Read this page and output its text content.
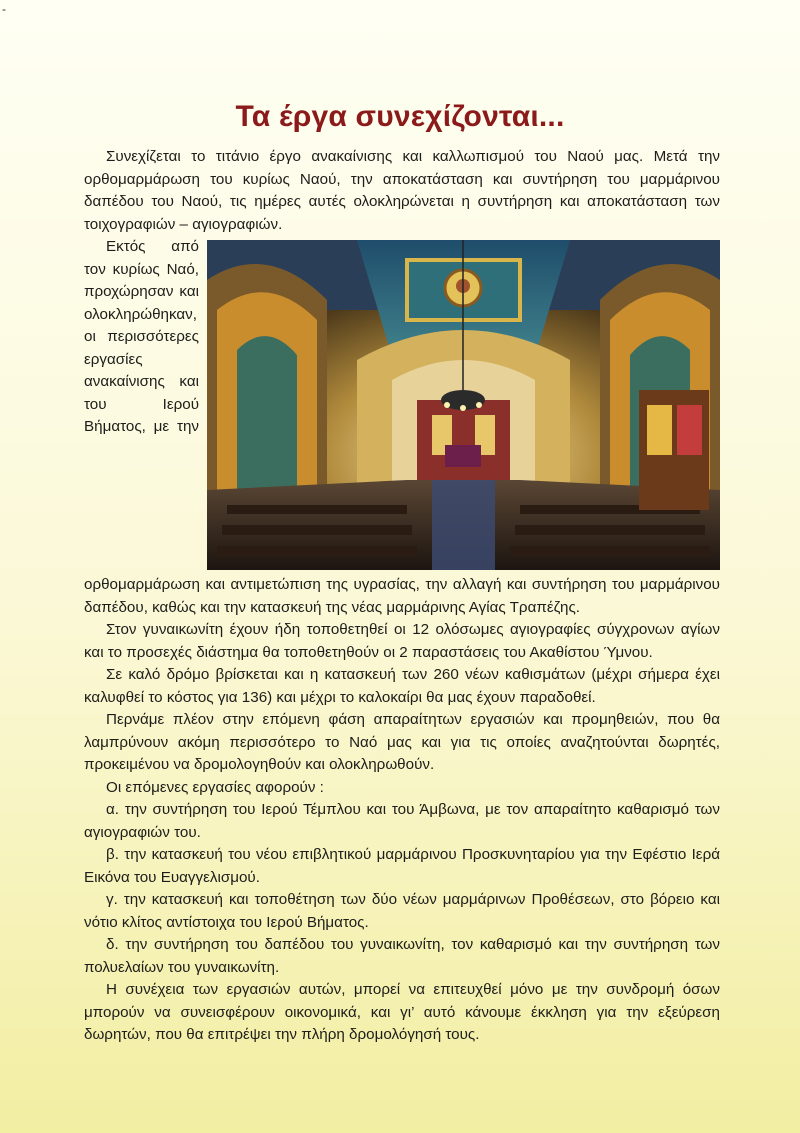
-
Τα έργα συνεχίζονται...

Συνεχίζεται το τιτάνιο έργο ανακαίνισης και καλλωπισμού του Ναού μας. Μετά την ορθομαρμάρωση του κυρίως Ναού, την αποκατάσταση και συντήρηση του μαρμάρινου δαπέδου του Ναού, τις ημέρες αυτές ολοκληρώνεται η συντήρηση και αποκατάσταση των τοιχογραφιών – αγιογραφιών.

Εκτός από τον κυρίως Ναό, προχώρησαν και ολοκληρώθηκαν, οι περισσότερες εργασίες ανακαίνισης και του Ιερού Βήματος, με την ορθομαρμάρωση και αντιμετώπιση της υγρασίας, την αλλαγή και συντήρηση του μαρμάρινου δαπέδου, καθώς και την κατασκευή της νέας μαρμάρινης Αγίας Τραπέζης.

Στον γυναικωνίτη έχουν ήδη τοποθετηθεί οι 12 ολόσωμες αγιογραφίες σύγχρονων αγίων και το προσεχές διάστημα θα τοποθετηθούν οι 2 παραστάσεις του Ακαθίστου Ύμνου.

Σε καλό δρόμο βρίσκεται και η κατασκευή των 260 νέων καθισμάτων (μέχρι σήμερα έχει καλυφθεί το κόστος για 136) και μέχρι το καλοκαίρι θα μας έχουν παραδοθεί.

Περνάμε πλέον στην επόμενη φάση απαραίτητων εργασιών και προμηθειών, που θα λαμπρύνουν ακόμη περισσότερο το Ναό μας και για τις οποίες αναζητούνται δωρητές, προκειμένου να δρομολογηθούν και ολοκληρωθούν.

Οι επόμενες εργασίες αφορούν :

α. την συντήρηση του Ιερού Τέμπλου και του Άμβωνα, με τον απαραίτητο καθαρισμό των αγιογραφιών του.

β. την κατασκευή του νέου επιβλητικού μαρμάρινου Προσκυνηταρίου για την Εφέστιο Ιερά Εικόνα του Ευαγγελισμού.

γ. την κατασκευή και τοποθέτηση των δύο νέων μαρμάρινων Προθέσεων, στο βόρειο και νότιο κλίτος αντίστοιχα του Ιερού Βήματος.

δ. την συντήρηση του δαπέδου του γυναικωνίτη, τον καθαρισμό και την συντήρηση των πολυελαίων του γυναικωνίτη.

Η συνέχεια των εργασιών αυτών, μπορεί να επιτευχθεί μόνο με την συνδρομή όσων μπορούν να συνεισφέρουν οικονομικά, και γι’ αυτό κάνουμε έκκληση για την εξεύρεση δωρητών, που θα επιτρέψει την πλήρη δρομολόγησή τους.
